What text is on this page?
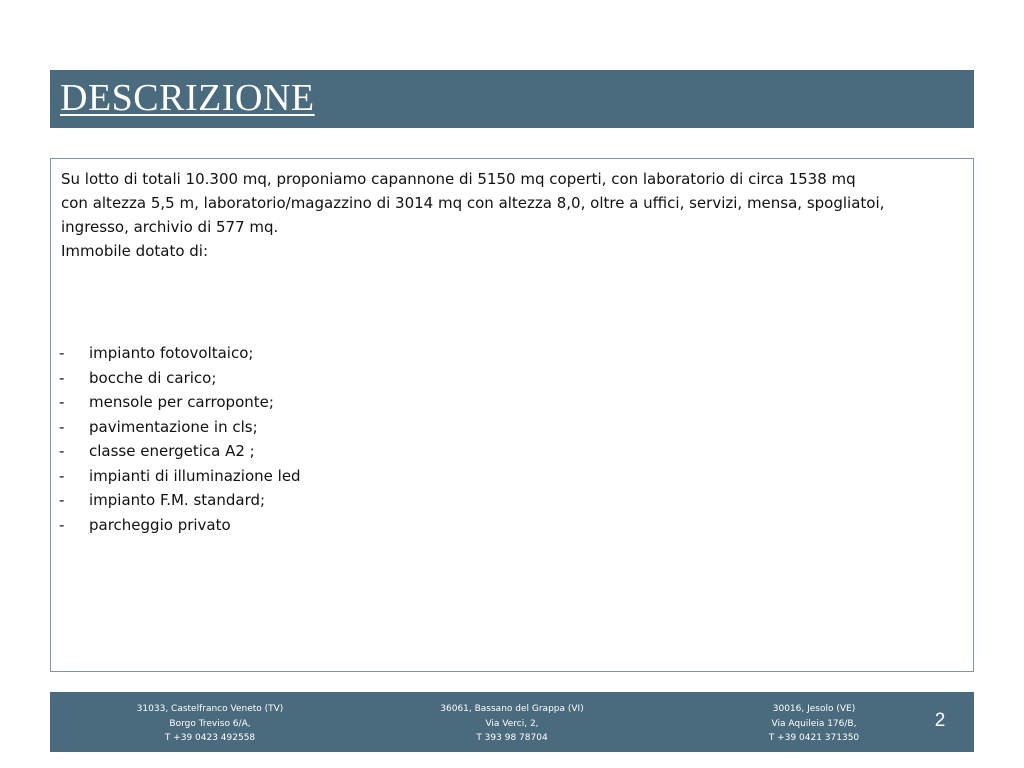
DESCRIZIONE
Su lotto di totali 10.300 mq, proponiamo capannone di 5150 mq coperti, con laboratorio di circa 1538 mq
con altezza 5,5 m, laboratorio/magazzino di 3014 mq con altezza 8,0, oltre a uffici, servizi, mensa, spogliatoi,
ingresso, archivio di 577 mq.
Immobile dotato di:
-	impianto fotovoltaico;
-	bocche di carico;
-	mensole per carroponte;
-	pavimentazione in cls;
-	classe energetica A2 ;
-	impianti di illuminazione led
-	impianto F.M. standard;
-	parcheggio privato
31033, Castelfranco Veneto (TV)
Borgo Treviso 6/A,
T +39 0423 492558
36061, Bassano del Grappa (VI)
Via Verci, 2,
T 393 98 78704
30016, Jesolo (VE)
Via Aquileia 176/B,
T +39 0421 371350
2
